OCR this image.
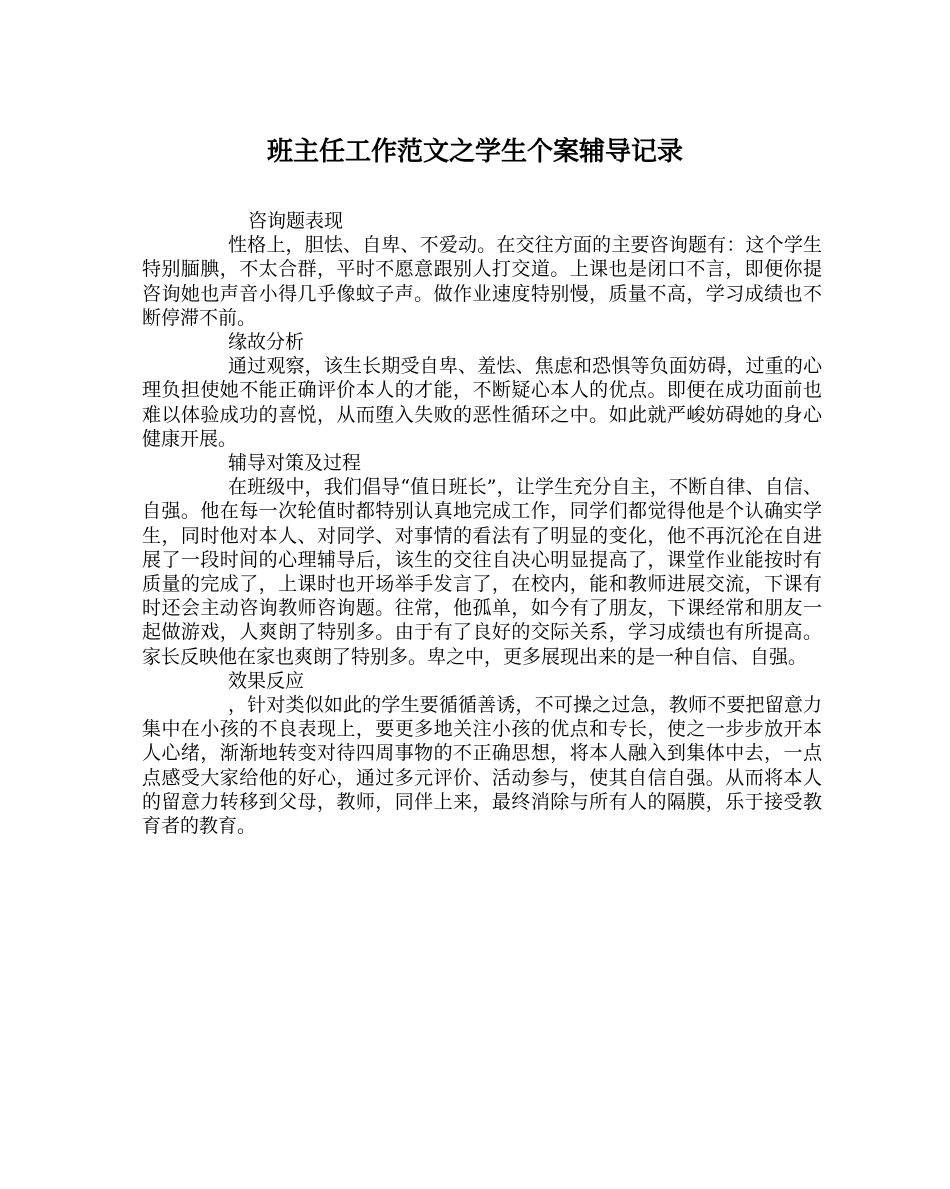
班主任工作范文之学生个案辅导记录

咨询题表现

性格上，胆怯、自卑、不爱动。在交往方面的主要咨询题有：这个学生特别腼腆，不太合群，平时不愿意跟别人打交道。上课也是闭口不言，即便你提咨询她也声音小得几乎像蚊子声。做作业速度特别慢，质量不高，学习成绩也不断停滞不前。

缘故分析

通过观察，该生长期受自卑、羞怯、焦虑和恐惧等负面妨碍，过重的心理负担使她不能正确评价本人的才能，不断疑心本人的优点。即便在成功面前也难以体验成功的喜悦，从而堕入失败的恶性循环之中。如此就严峻妨碍她的身心健康开展。

辅导对策及过程

在班级中，我们倡导“值日班长”，让学生充分自主，不断自律、自信、自强。他在每一次轮值时都特别认真地完成工作，同学们都觉得他是个认确实学生，同时他对本人、对同学、对事情的看法有了明显的变化，他不再沉沦在自进展了一段时间的心理辅导后，该生的交往自决心明显提高了，课堂作业能按时有质量的完成了，上课时也开场举手发言了，在校内，能和教师进展交流，下课有时还会主动咨询教师咨询题。往常，他孤单，如今有了朋友，下课经常和朋友一起做游戏，人爽朗了特别多。由于有了良好的交际关系，学习成绩也有所提高。家长反映他在家也爽朗了特别多。卑之中，更多展现出来的是一种自信、自强。

效果反应

，针对类似如此的学生要循循善诱，不可操之过急，教师不要把留意力集中在小孩的不良表现上，要更多地关注小孩的优点和专长，使之一步步放开本人心绪，渐渐地转变对待四周事物的不正确思想，将本人融入到集体中去，一点点感受大家给他的好心，通过多元评价、活动参与，使其自信自强。从而将本人的留意力转移到父母，教师，同伴上来，最终消除与所有人的隔膜，乐于接受教育者的教育。
